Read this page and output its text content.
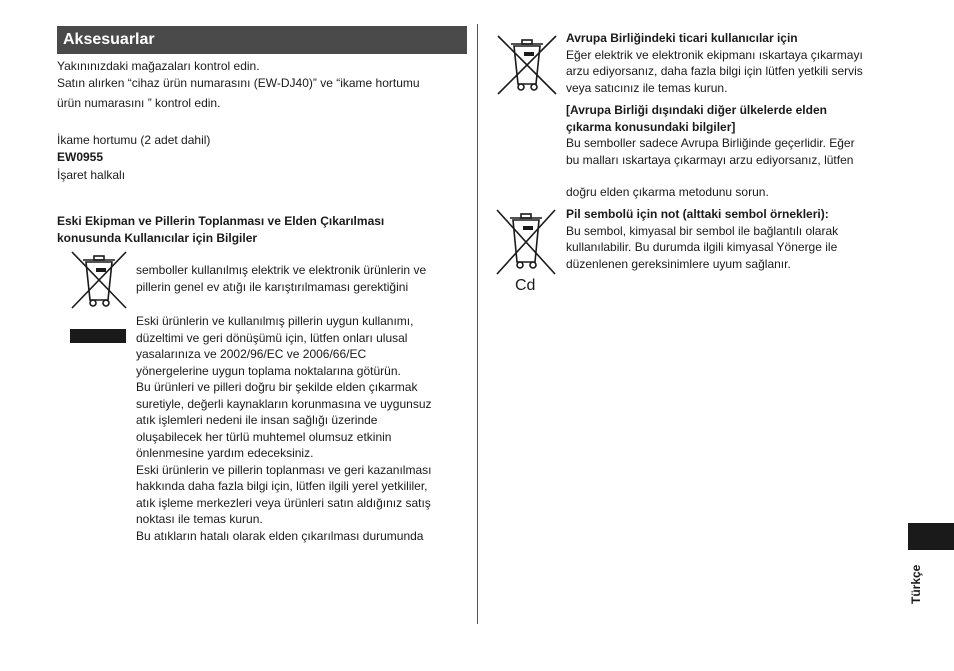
Aksesuarlar
Yakınınızdaki mağazaları kontrol edin.
Satın alırken “cihaz ürün numarasını (EW-DJ40)” ve “ikame hortumu
ürün numarasını ” kontrol edin.
İkame hortumu (2 adet dahil)
EW0955
İşaret halkalı
Eski Ekipman ve Pillerin Toplanması ve Elden Çıkarılması
konusunda Kullanıcılar için Bilgiler
semboller kullanılmış elektrik ve elektronik ürünlerin ve
pillerin genel ev atığı ile karıştırılmaması gerektiğini
Eski ürünlerin ve kullanılmış pillerin uygun kullanımı,
düzeltimi ve geri dönüşümü için, lütfen onları ulusal
yasalarınıza ve 2002/96/EC ve 2006/66/EC
yönergelerine uygun toplama noktalarına götürün.
Bu ürünleri ve pilleri doğru bir şekilde elden çıkarmak
suretiyle, değerli kaynakların korunmasına ve uygunsuz
atık işlemleri nedeni ile insan sağlığı üzerinde
oluşabilecek her türlü muhtemel olumsuz etkinin
önlenmesine yardım edeceksiniz.
Eski ürünlerin ve pillerin toplanması ve geri kazanılması
hakkında daha fazla bilgi için, lütfen ilgili yerel yetkililer,
atık işleme merkezleri veya ürünleri satın aldığınız satış
noktası ile temas kurun.
Bu atıkların hatalı olarak elden çıkarılması durumunda
Avrupa Birliğindeki ticari kullanıcılar için
Eğer elektrik ve elektronik ekipmanı ıskartaya çıkarmayı
arzu ediyorsanız, daha fazla bilgi için lütfen yetkili servis
veya satıcınız ile temas kurun.
[Avrupa Birliği dışındaki diğer ülkelerde elden
çıkarma konusundaki bilgiler]
Bu semboller sadece Avrupa Birliğinde geçerlidir. Eğer
bu malları ıskartaya çıkarmayı arzu ediyorsanız, lütfen
doğru elden çıkarma metodunu sorun.
Cd
Pil sembolü için not (alttaki sembol örnekleri):
Bu sembol, kimyasal bir sembol ile bağlantılı olarak
kullanılabilir. Bu durumda ilgili kimyasal Yönerge ile
düzenlenen gereksinimlere uyum sağlanır.
Türkçe
